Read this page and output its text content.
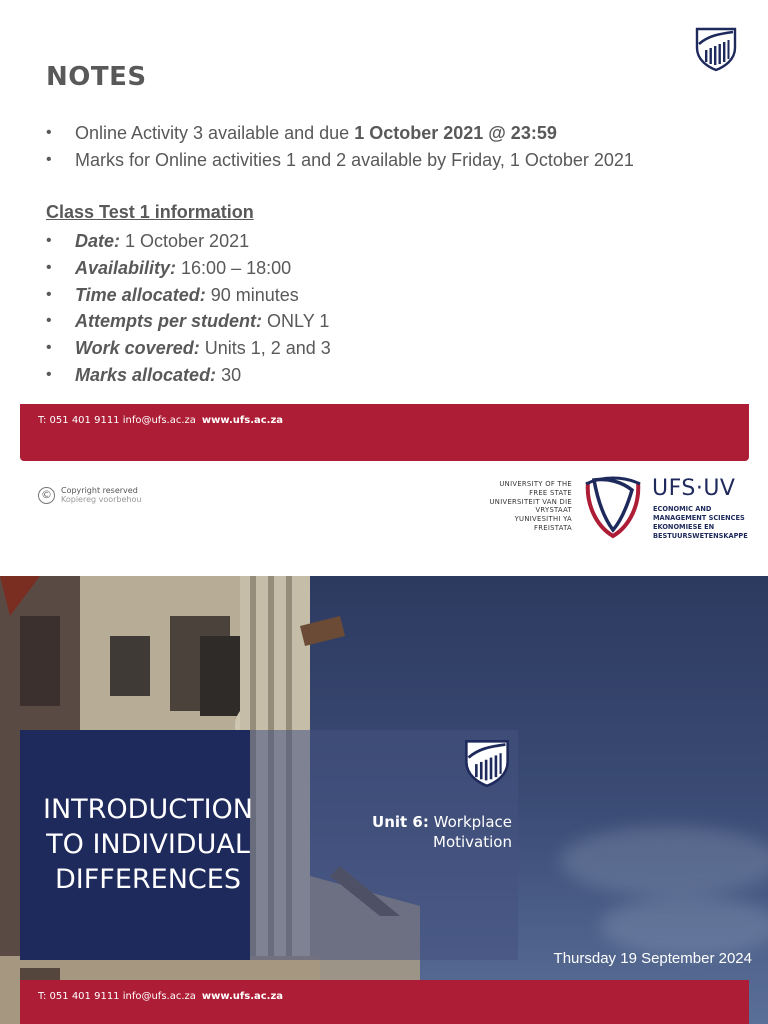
NOTES
• Online Activity 3 available and due 1 October 2021 @ 23:59
• Marks for Online activities 1 and 2 available by Friday, 1 October 2021
Class Test 1 information
• Date: 1 October 2021
• Availability: 16:00 – 18:00
• Time allocated: 90 minutes
• Attempts per student: ONLY 1
• Work covered: Units 1, 2 and 3
• Marks allocated: 30
T: 051 401 9111 info@ufs.ac.za www.ufs.ac.za
©	Copyright reserved
Kopiereg voorbehou
UNIVERSITY OF THE
FREE STATE
UNIVERSITEIT VAN DIE
VRYSTAAT
YUNIVESITHI YA
FREISTATA
UFS·UV
ECONOMIC AND
MANAGEMENT SCIENCES
EKONOMIESE EN
BESTUURSWETENSKAPPE
INTRODUCTION
TO INDIVIDUAL
DIFFERENCES
Unit 6: Workplace
Motivation
Thursday 19 September 2024
T: 051 401 9111 info@ufs.ac.za www.ufs.ac.za
